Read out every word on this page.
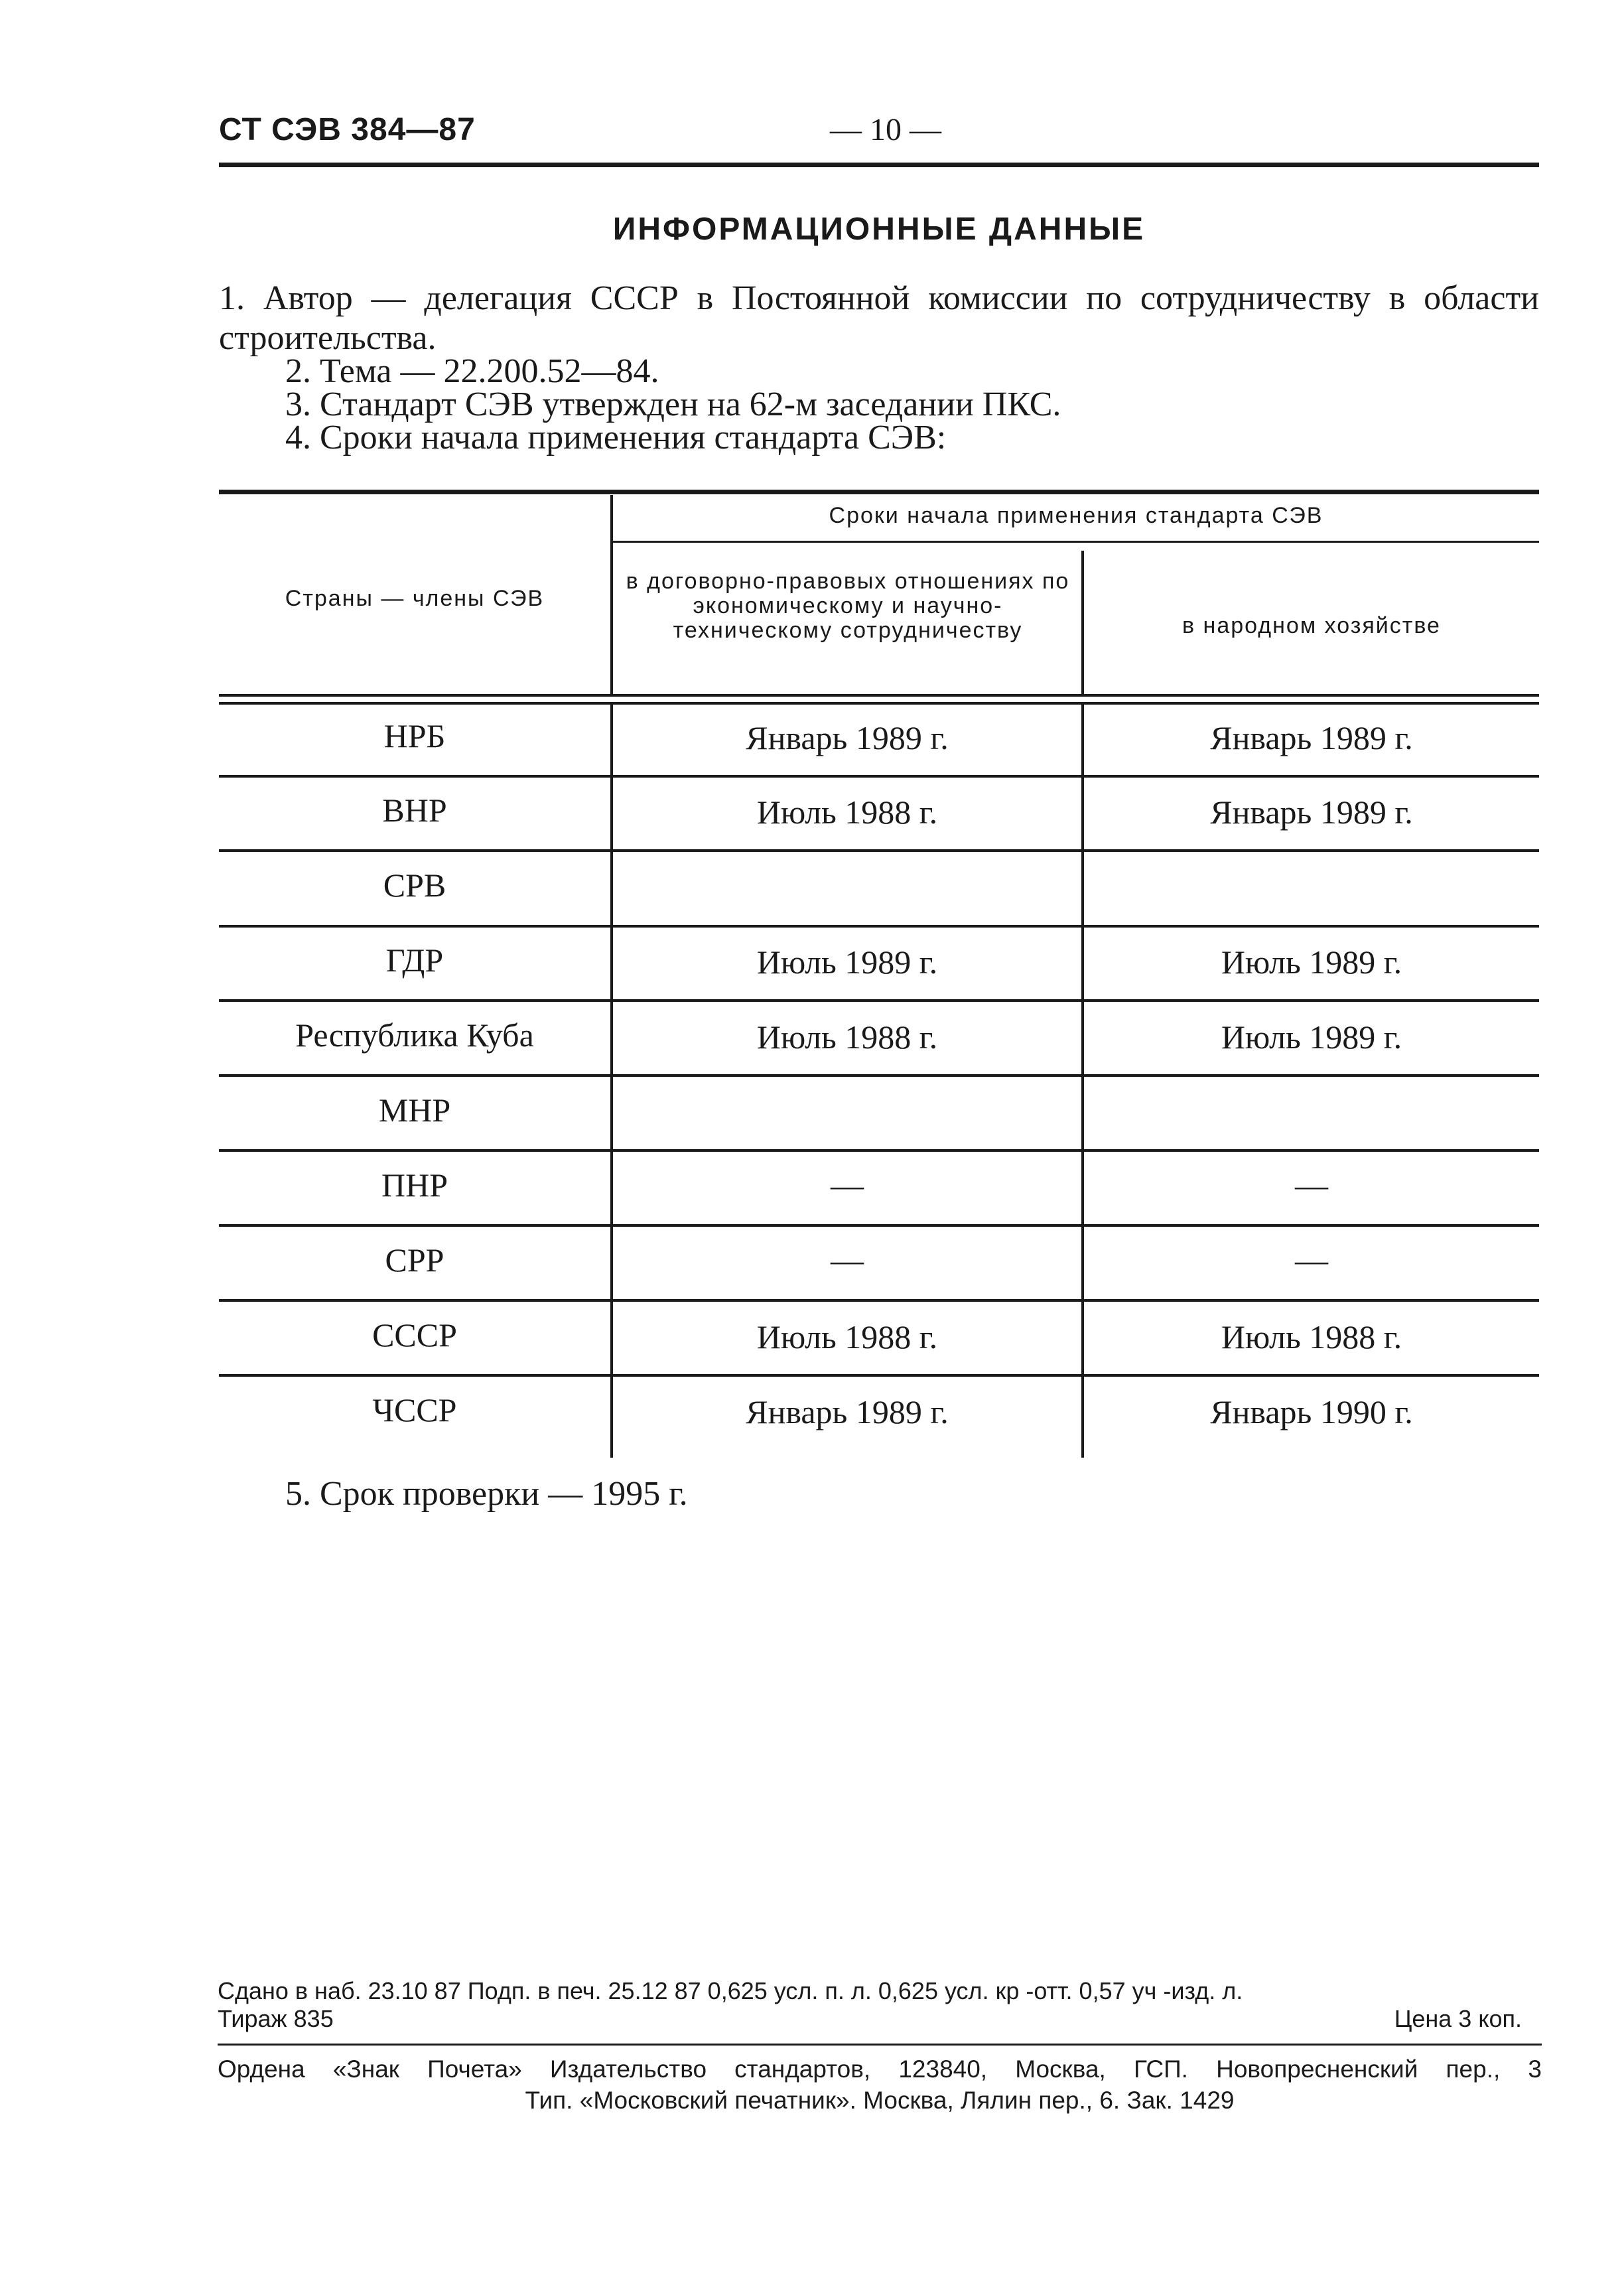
СТ СЭВ 384—87	— 10 —
ИНФОРМАЦИОННЫЕ ДАННЫЕ
1. Автор — делегация СССР в Постоянной комиссии по сотрудничеству в области строительства.
2. Тема — 22.200.52—84.
3. Стандарт СЭВ утвержден на 62-м заседании ПКС.
4. Сроки начала применения стандарта СЭВ:
Страны — члены СЭВ
Сроки начала применения стандарта СЭВ
в договорно-правовых отношениях по экономическому и научно-техническому сотрудничеству	в народном хозяйстве
НРБ	Январь 1989 г.	Январь 1989 г.
ВНР	Июль 1988 г.	Январь 1989 г.
СРВ
ГДР	Июль 1989 г.	Июль 1989 г.
Республика Куба	Июль 1988 г.	Июль 1989 г.
МНР
ПНР	—	—
СРР	—	—
СССР	Июль 1988 г.	Июль 1988 г.
ЧССР	Январь 1989 г.	Январь 1990 г.
5. Срок проверки — 1995 г.
Сдано в наб. 23.10 87 Подп. в печ. 25.12 87 0,625 усл. п. л. 0,625 усл. кр -отт. 0,57 уч -изд. л.
Тираж 835	Цена 3 коп.
Ордена «Знак Почета» Издательство стандартов, 123840, Москва, ГСП. Новопресненский пер., 3
Тип. «Московский печатник». Москва, Лялин пер., 6. Зак. 1429
